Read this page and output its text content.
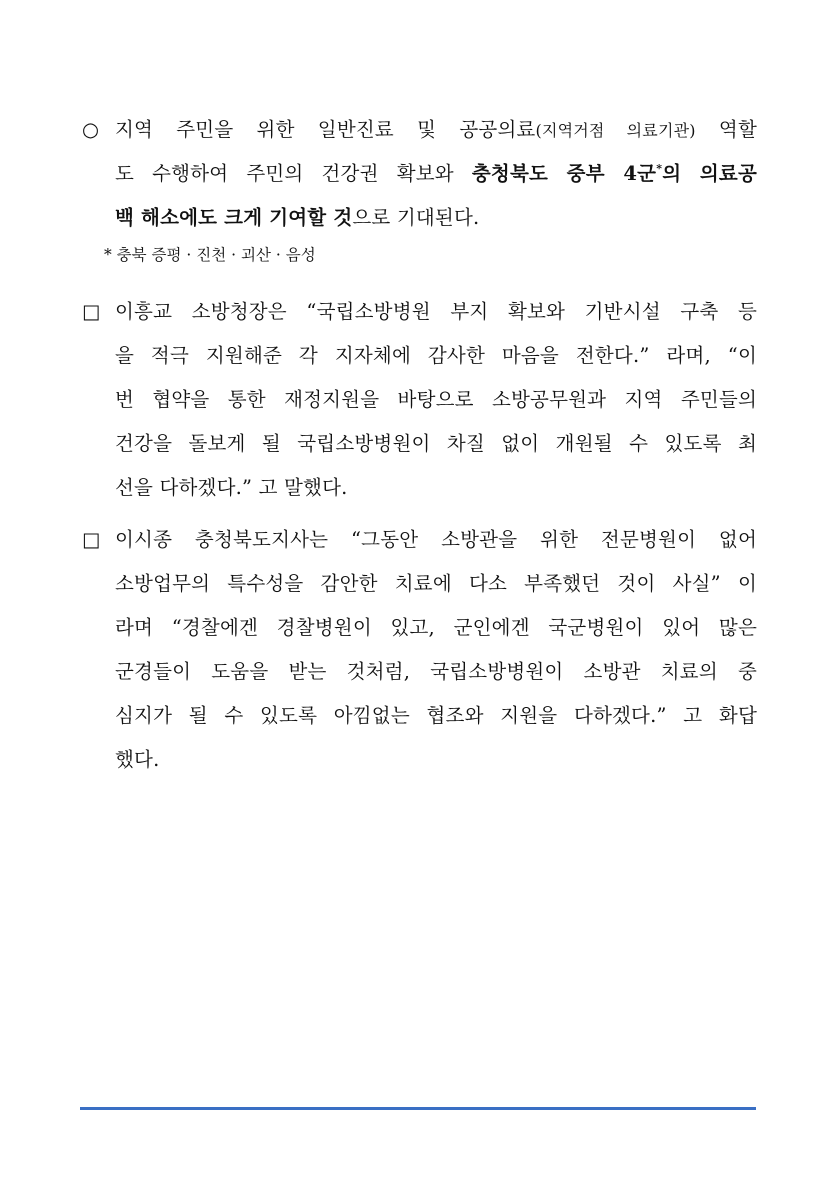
○ 지역 주민을 위한 일반진료 및 공공의료(지역거점 의료기관) 역할
도 수행하여 주민의 건강권 확보와 충청북도 중부 4군*의 의료공
백 해소에도 크게 기여할 것으로 기대된다.
* 충북 증평 · 진천 · 괴산 · 음성
□ 이흥교 소방청장은 “국립소방병원 부지 확보와 기반시설 구축 등
을 적극 지원해준 각 지자체에 감사한 마음을 전한다.” 라며, “이
번 협약을 통한 재정지원을 바탕으로 소방공무원과 지역 주민들의
건강을 돌보게 될 국립소방병원이 차질 없이 개원될 수 있도록 최
선을 다하겠다.” 고 말했다.
□ 이시종 충청북도지사는 “그동안 소방관을 위한 전문병원이 없어
소방업무의 특수성을 감안한 치료에 다소 부족했던 것이 사실” 이
라며 “경찰에겐 경찰병원이 있고, 군인에겐 국군병원이 있어 많은
군경들이 도움을 받는 것처럼, 국립소방병원이 소방관 치료의 중
심지가 될 수 있도록 아낌없는 협조와 지원을 다하겠다.” 고 화답
했다.
